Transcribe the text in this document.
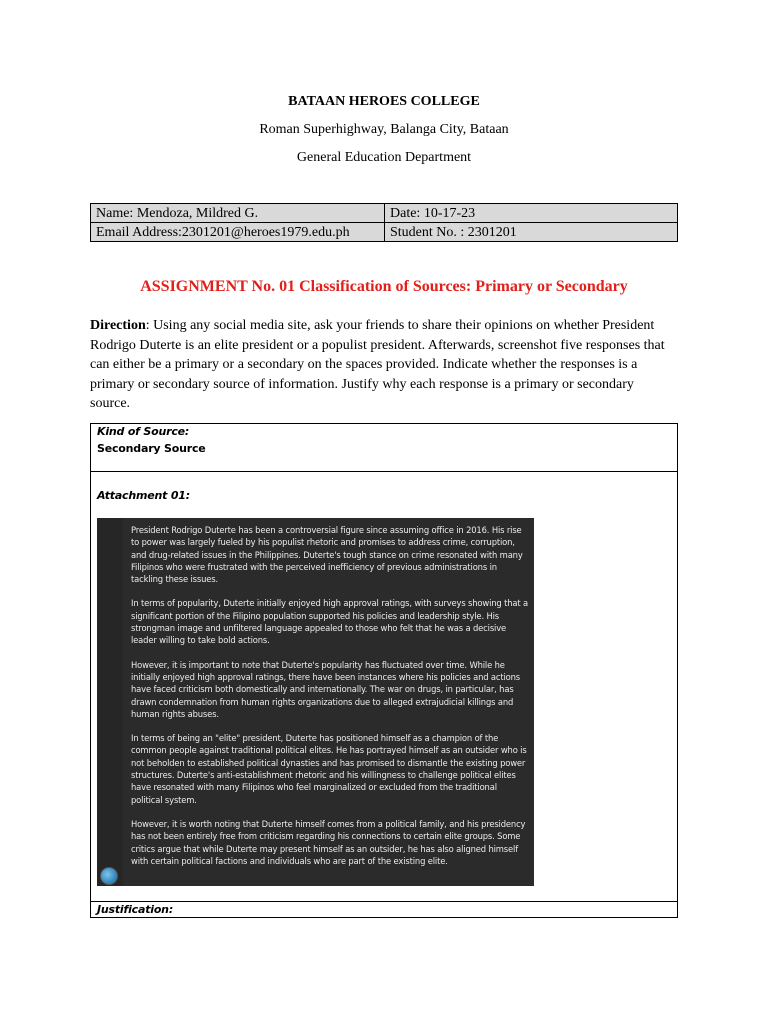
BATAAN HEROES COLLEGE
Roman Superhighway, Balanga City, Bataan
General Education Department
Name: Mendoza, Mildred G.	Date: 10-17-23
Email Address:2301201@heroes1979.edu.ph	Student No. : 2301201
ASSIGNMENT No. 01 Classification of Sources: Primary or Secondary
Direction: Using any social media site, ask your friends to share their opinions on whether President Rodrigo Duterte is an elite president or a populist president. Afterwards, screenshot five responses that can either be a primary or a secondary on the spaces provided. Indicate whether the responses is a primary or secondary source of information. Justify why each response is a primary or secondary source.
Kind of Source:
Secondary Source
Attachment 01:
Justification:

President Rodrigo Duterte has been a controversial figure since assuming office in 2016. His rise to power was largely fueled by his populist rhetoric and promises to address crime, corruption, and drug-related issues in the Philippines. Duterte's tough stance on crime resonated with many Filipinos who were frustrated with the perceived inefficiency of previous administrations in tackling these issues.

In terms of popularity, Duterte initially enjoyed high approval ratings, with surveys showing that a significant portion of the Filipino population supported his policies and leadership style. His strongman image and unfiltered language appealed to those who felt that he was a decisive leader willing to take bold actions.

However, it is important to note that Duterte's popularity has fluctuated over time. While he initially enjoyed high approval ratings, there have been instances where his policies and actions have faced criticism both domestically and internationally. The war on drugs, in particular, has drawn condemnation from human rights organizations due to alleged extrajudicial killings and human rights abuses.

In terms of being an "elite" president, Duterte has positioned himself as a champion of the common people against traditional political elites. He has portrayed himself as an outsider who is not beholden to established political dynasties and has promised to dismantle the existing power structures. Duterte's anti-establishment rhetoric and his willingness to challenge political elites have resonated with many Filipinos who feel marginalized or excluded from the traditional political system.

However, it is worth noting that Duterte himself comes from a political family, and his presidency has not been entirely free from criticism regarding his connections to certain elite groups. Some critics argue that while Duterte may present himself as an outsider, he has also aligned himself with certain political factions and individuals who are part of the existing elite.
